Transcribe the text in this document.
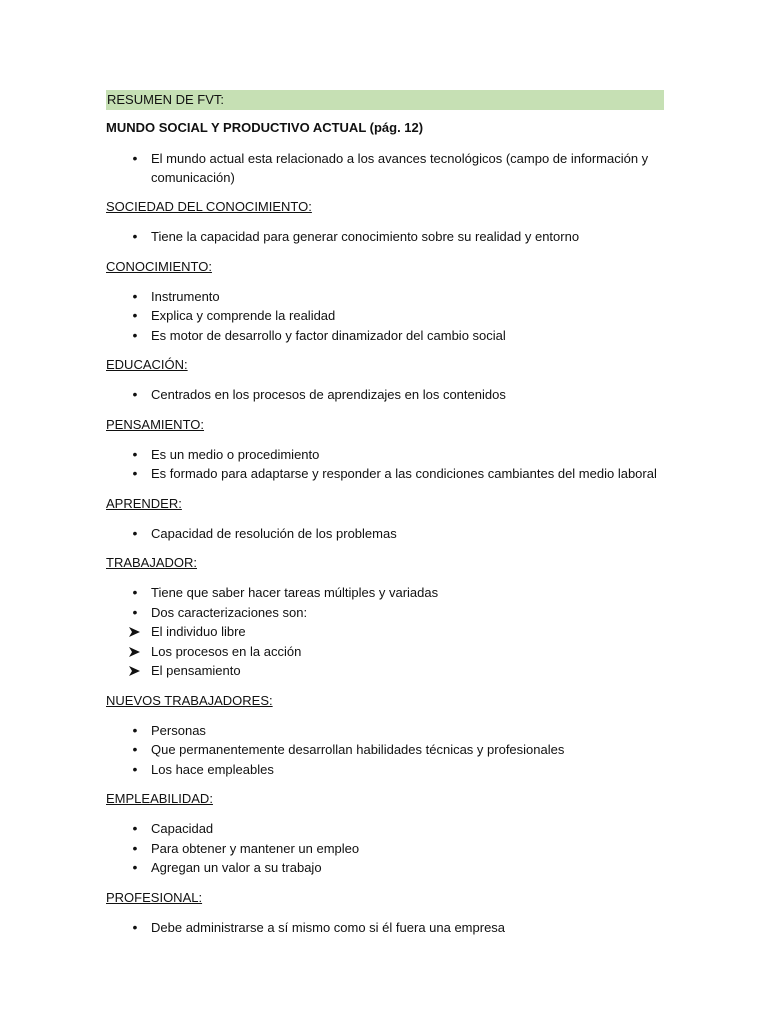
RESUMEN DE FVT:
MUNDO SOCIAL Y PRODUCTIVO ACTUAL (pág. 12)
•	El mundo actual esta relacionado a los avances tecnológicos (campo de información y comunicación)
SOCIEDAD DEL CONOCIMIENTO:
•	Tiene la capacidad para generar conocimiento sobre su realidad y entorno
CONOCIMIENTO:
•	Instrumento
•	Explica y comprende la realidad
•	Es motor de desarrollo y factor dinamizador del cambio social
EDUCACIÓN:
•	Centrados en los procesos de aprendizajes en los contenidos
PENSAMIENTO:
•	Es un medio o procedimiento
•	Es formado para adaptarse y responder a las condiciones cambiantes del medio laboral
APRENDER:
•	Capacidad de resolución de los problemas
TRABAJADOR:
•	Tiene que saber hacer tareas múltiples y variadas
•	Dos caracterizaciones son:
El individuo libre
Los procesos en la acción
El pensamiento
NUEVOS TRABAJADORES:
•	Personas
•	Que permanentemente desarrollan habilidades técnicas y profesionales
•	Los hace empleables
EMPLEABILIDAD:
•	Capacidad
•	Para obtener y mantener un empleo
•	Agregan un valor a su trabajo
PROFESIONAL:
•	Debe administrarse a sí mismo como si él fuera una empresa
